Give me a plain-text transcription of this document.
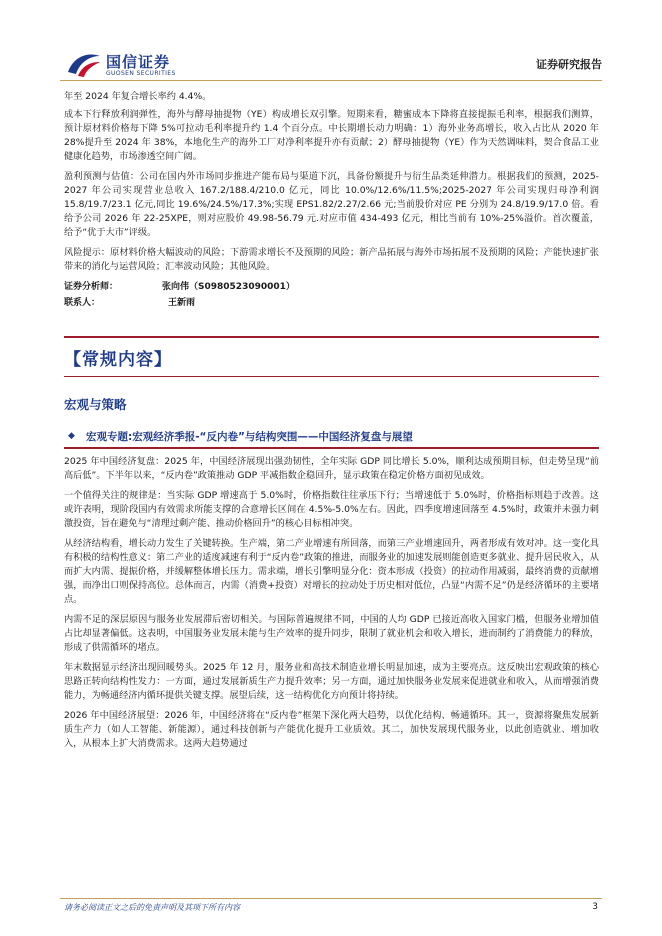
国信证券
GUOSEN SECURITIES
证券研究报告

年至 2024 年复合增长率约 4.4%。

成本下行释放利润弹性，海外与酵母抽提物（YE）构成增长双引擎。短期来看，糖蜜成本下降将直接提振毛利率，根据我们测算，预计原材料价格每下降 5%可拉动毛利率提升约 1.4 个百分点。中长期增长动力明确：1）海外业务高增长，收入占比从 2020 年 28%提升至 2024 年 38%，本地化生产的海外工厂对净利率提升亦有贡献；2）酵母抽提物（YE）作为天然调味料，契合食品工业健康化趋势，市场渗透空间广阔。

盈利预测与估值：公司在国内外市场同步推进产能布局与渠道下沉，具备份额提升与衍生品类延伸潜力。根据我们的预测，2025-2027 年公司实现营业总收入 167.2/188.4/210.0 亿元，同比 10.0%/12.6%/11.5%;2025-2027 年公司实现归母净利润 15.8/19.7/23.1 亿元,同比 19.6%/24.5%/17.3%;实现 EPS1.82/2.27/2.66 元;当前股价对应 PE 分别为 24.8/19.9/17.0 倍。看给予公司 2026 年 22-25XPE，则对应股价 49.98-56.79 元.对应市值 434-493 亿元，相比当前有 10%-25%溢价。首次覆盖，给予“优于大市”评级。

风险提示：原材料价格大幅波动的风险；下游需求增长不及预期的风险；新产品拓展与海外市场拓展不及预期的风险；产能快速扩张带来的消化与运营风险；汇率波动风险；其他风险。

证券分析师：	张向伟（S0980523090001）
联系人：	王新雨
【常规内容】
宏观与策略
◆ 宏观专题:宏观经济季报-“反内卷”与结构突围——中国经济复盘与展望

2025 年中国经济复盘：2025 年，中国经济展现出强劲韧性，全年实际 GDP 同比增长 5.0%，顺利达成预期目标，但走势呈现“前高后低”。下半年以来，“反内卷”政策推动 GDP 平减指数企稳回升，显示政策在稳定价格方面初见成效。

一个值得关注的规律是：当实际 GDP 增速高于 5.0%时，价格指数往往承压下行；当增速低于 5.0%时，价格指标则趋于改善。这或许表明，现阶段国内有效需求所能支撑的合意增长区间在 4.5%-5.0%左右。因此，四季度增速回落至 4.5%时，政策并未强力刺激投资，旨在避免与“清理过剩产能、推动价格回升”的核心目标相冲突。

从经济结构看，增长动力发生了关键转换。生产端，第二产业增速有所回落，而第三产业增速回升，两者形成有效对冲。这一变化具有积极的结构性意义：第二产业的适度减速有利于“反内卷”政策的推进，而服务业的加速发展则能创造更多就业、提升居民收入，从而扩大内需、提振价格，并缓解整体增长压力。需求端，增长引擎明显分化：资本形成（投资）的拉动作用减弱，最终消费的贡献增强，而净出口则保持高位。总体而言，内需（消费+投资）对增长的拉动处于历史相对低位，凸显“内需不足”仍是经济循环的主要堵点。

内需不足的深层原因与服务业发展滞后密切相关。与国际普遍规律不同，中国的人均 GDP 已接近高收入国家门槛，但服务业增加值占比却显著偏低。这表明，中国服务业发展未能与生产效率的提升同步，限制了就业机会和收入增长，进而制约了消费能力的释放，形成了供需循环的堵点。

年末数据显示经济出现回暖势头。2025 年 12 月，服务业和高技术制造业增长明显加速，成为主要亮点。这反映出宏观政策的核心思路正转向结构性发力：一方面，通过发展新质生产力提升效率；另一方面，通过加快服务业发展来促进就业和收入，从而增强消费能力，为畅通经济内循环提供关键支撑。展望后续，这一结构优化方向预计将持续。

2026 年中国经济展望：2026 年，中国经济将在“反内卷”框架下深化两大趋势，以优化结构、畅通循环。其一，资源将聚焦发展新质生产力（如人工智能、新能源），通过科技创新与产能优化提升工业质效。其二，加快发展现代服务业，以此创造就业、增加收入，从根本上扩大消费需求。这两大趋势通过

请务必阅读正文之后的免责声明及其项下所有内容	3
